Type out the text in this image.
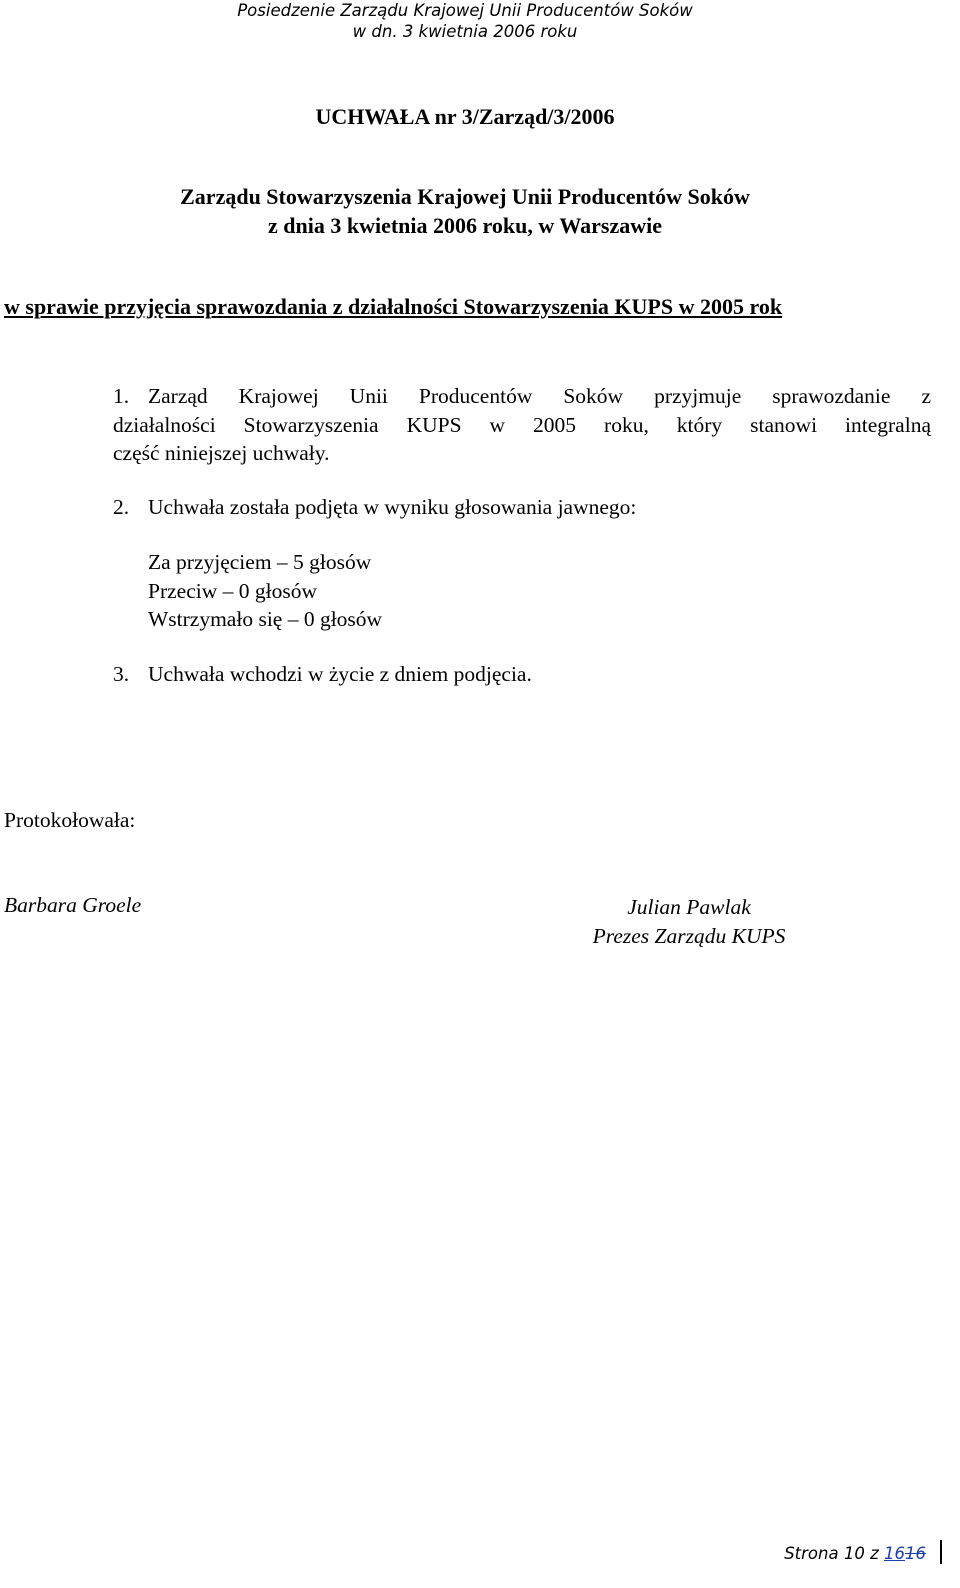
Posiedzenie Zarządu Krajowej Unii Producentów Soków
w dn. 3 kwietnia 2006 roku
UCHWAŁA nr 3/Zarząd/3/2006
Zarządu Stowarzyszenia Krajowej Unii Producentów Soków
z dnia 3 kwietnia 2006 roku, w Warszawie
w sprawie przyjęcia sprawozdania z działalności Stowarzyszenia KUPS w 2005 rok
1. Zarząd Krajowej Unii Producentów Soków przyjmuje sprawozdanie z
działalności Stowarzyszenia KUPS w 2005 roku, który stanowi integralną
część niniejszej uchwały.
2. Uchwała została podjęta w wyniku głosowania jawnego:
Za przyjęciem – 5 głosów
Przeciw – 0 głosów
Wstrzymało się – 0 głosów
3. Uchwała wchodzi w życie z dniem podjęcia.
Protokołowała:
Barbara Groele	Julian Pawlak
Prezes Zarządu KUPS
Strona 10 z 1616
